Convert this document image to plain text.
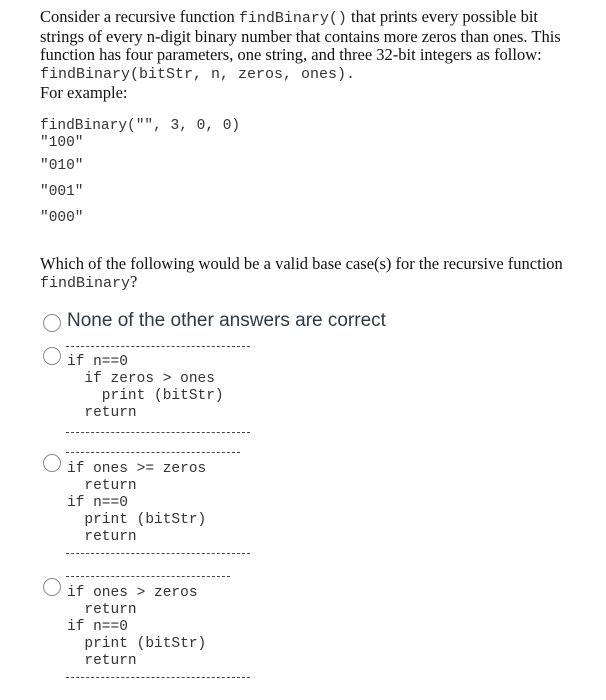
Consider a recursive function findBinary() that prints every possible bit strings of every n-digit binary number that contains more zeros than ones. This function has four parameters, one string, and three 32-bit integers as follow: findBinary(bitStr, n, zeros, ones).
For example:
findBinary("", 3, 0, 0)
"100"
"010"
"001"
"000"
Which of the following would be a valid base case(s) for the recursive function findBinary?
None of the other answers are correct
if n==0
if zeros > ones
print (bitStr)
return
if ones >= zeros
return
if n==0
print (bitStr)
return
if ones > zeros
return
if n==0
print (bitStr)
return
